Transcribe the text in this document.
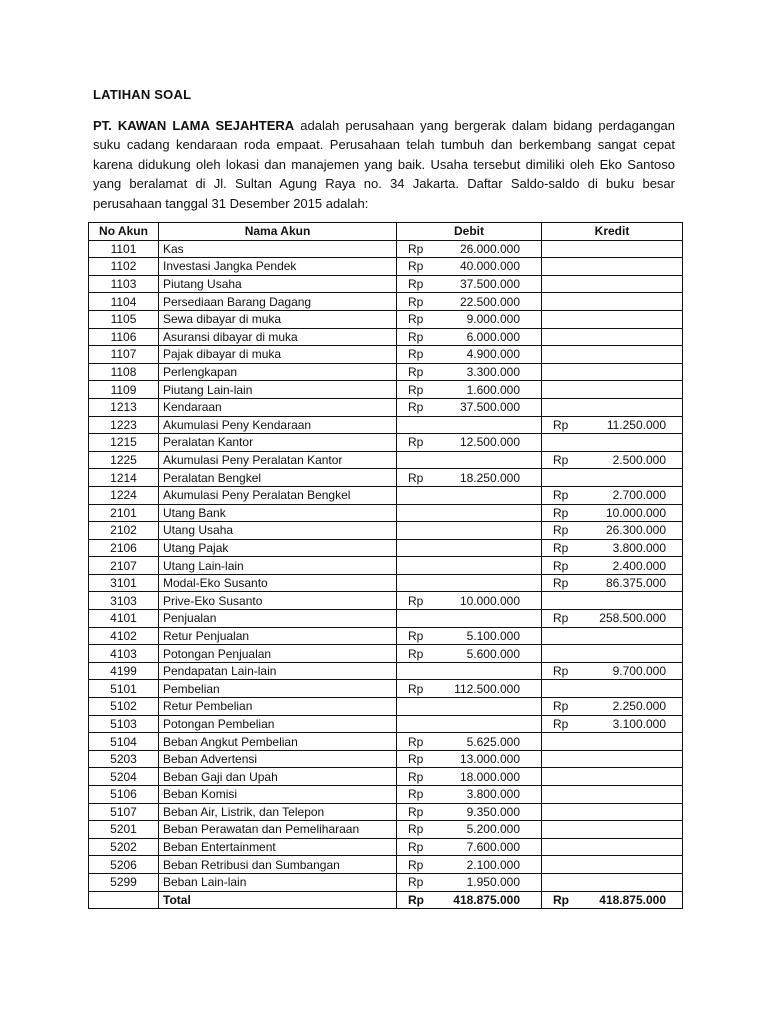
LATIHAN SOAL

PT. KAWAN LAMA SEJAHTERA adalah perusahaan yang bergerak dalam bidang perdagangan suku cadang kendaraan roda empaat. Perusahaan telah tumbuh dan berkembang sangat cepat karena didukung oleh lokasi dan manajemen yang baik. Usaha tersebut dimiliki oleh Eko Santoso yang beralamat di Jl. Sultan Agung Raya no. 34 Jakarta. Daftar Saldo-saldo di buku besar perusahaan tanggal 31 Desember 2015 adalah:

No Akun	Nama Akun	Debit	Kredit
1101	Kas	Rp 26.000.000	

1102	Investasi Jangka Pendek	Rp 40.000.000	

1103	Piutang Usaha	Rp 37.500.000	

1104	Persediaan Barang Dagang	Rp 22.500.000	

1105	Sewa dibayar di muka	Rp 9.000.000	

1106	Asuransi dibayar di muka	Rp 6.000.000	

1107	Pajak dibayar di muka	Rp 4.900.000	

1108	Perlengkapan	Rp 3.300.000	

1109	Piutang Lain-lain	Rp 1.600.000	

1213	Kendaraan	Rp 37.500.000	

1223	Akumulasi Peny Kendaraan		Rp 11.250.000

1215	Peralatan Kantor	Rp 12.500.000	

1225	Akumulasi Peny Peralatan Kantor		Rp 2.500.000

1214	Peralatan Bengkel	Rp 18.250.000	

1224	Akumulasi Peny Peralatan Bengkel		Rp 2.700.000

2101	Utang Bank		Rp 10.000.000

2102	Utang Usaha		Rp 26.300.000

2106	Utang Pajak		Rp 3.800.000

2107	Utang Lain-lain		Rp 2.400.000

3101	Modal-Eko Susanto		Rp 86.375.000

3103	Prive-Eko Susanto	Rp 10.000.000	

4101	Penjualan		Rp 258.500.000

4102	Retur Penjualan	Rp 5.100.000	

4103	Potongan Penjualan	Rp 5.600.000	

4199	Pendapatan Lain-lain		Rp 9.700.000

5101	Pembelian	Rp 112.500.000	

5102	Retur Pembelian		Rp 2.250.000

5103	Potongan Pembelian		Rp 3.100.000

5104	Beban Angkut Pembelian	Rp 5.625.000	

5203	Beban Advertensi	Rp 13.000.000	

5204	Beban Gaji dan Upah	Rp 18.000.000	

5106	Beban Komisi	Rp 3.800.000	

5107	Beban Air, Listrik, dan Telepon	Rp 9.350.000	

5201	Beban Perawatan dan Pemeliharaan	Rp 5.200.000	

5202	Beban Entertainment	Rp 7.600.000	

5206	Beban Retribusi dan Sumbangan	Rp 2.100.000	

5299	Beban Lain-lain	Rp 1.950.000	

	Total	Rp 418.875.000	Rp 418.875.000
